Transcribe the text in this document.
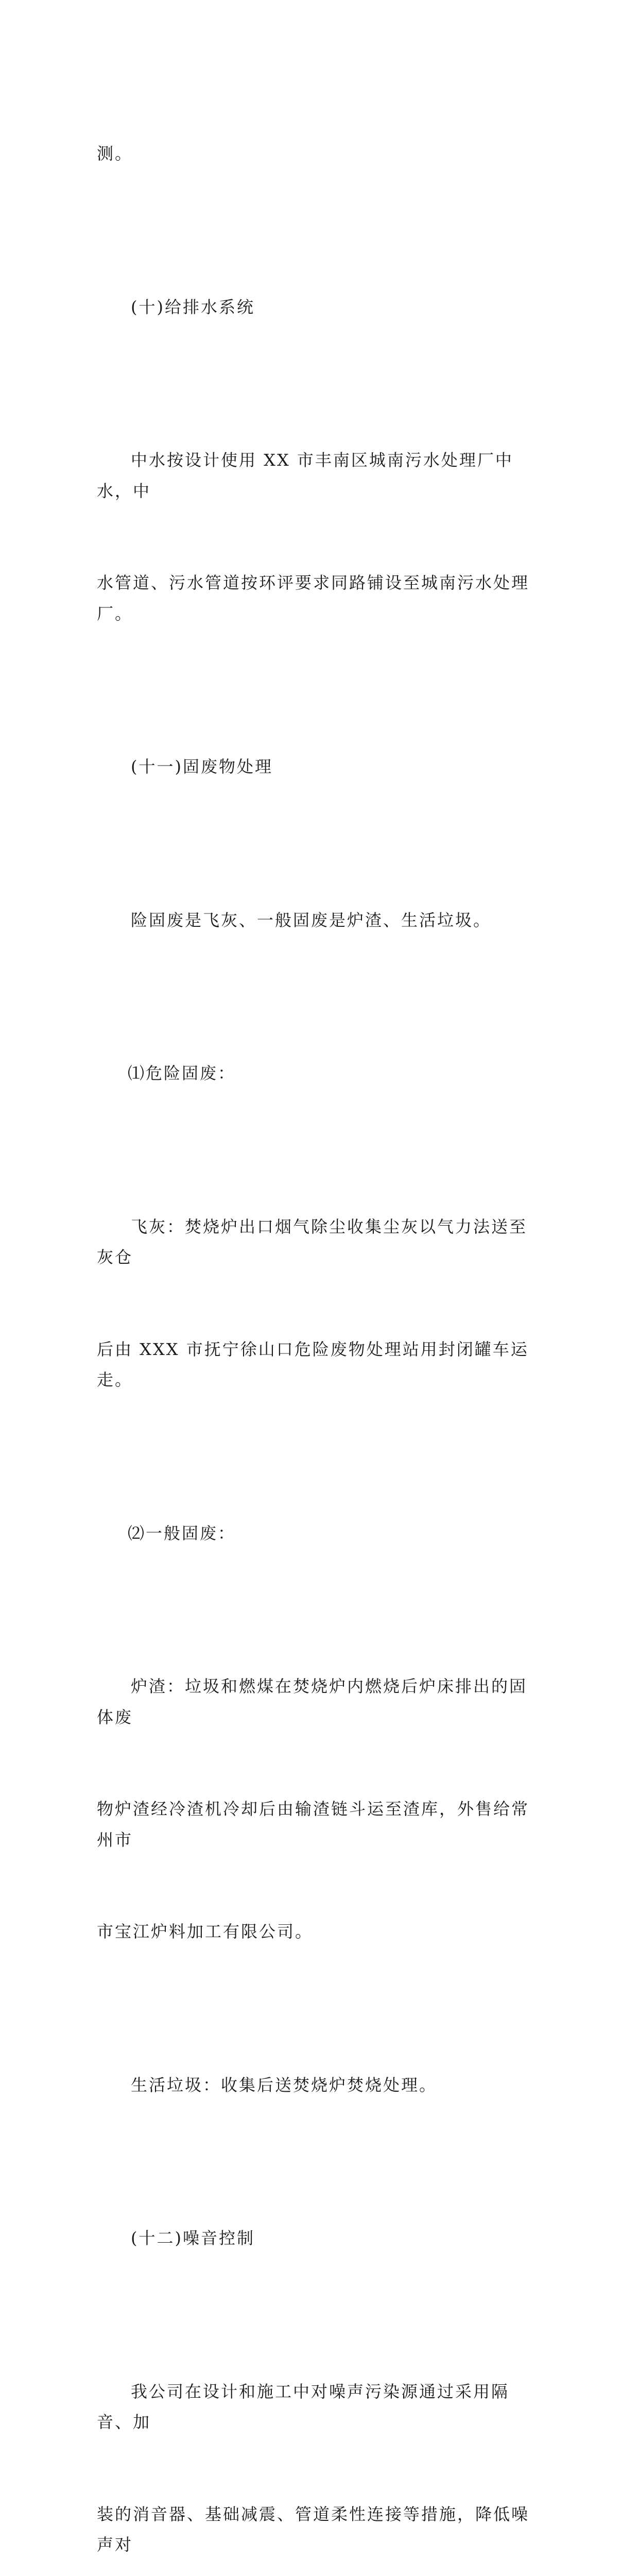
测。

(十)给排水系统

中水按设计使用 XX 市丰南区城南污水处理厂中水，中

水管道、污水管道按环评要求同路铺设至城南污水处理厂。

(十一)固废物处理

险固废是飞灰、一般固废是炉渣、生活垃圾。

⑴危险固废：

飞灰：焚烧炉出口烟气除尘收集尘灰以气力法送至灰仓

后由 XXX 市抚宁徐山口危险废物处理站用封闭罐车运走。

⑵一般固废：

炉渣：垃圾和燃煤在焚烧炉内燃烧后炉床排出的固体废

物炉渣经冷渣机冷却后由输渣链斗运至渣库，外售给常州市

市宝江炉料加工有限公司。

生活垃圾：收集后送焚烧炉焚烧处理。

(十二)噪音控制

我公司在设计和施工中对噪声污染源通过采用隔音、加

装的消音器、基础减震、管道柔性连接等措施，降低噪声对
